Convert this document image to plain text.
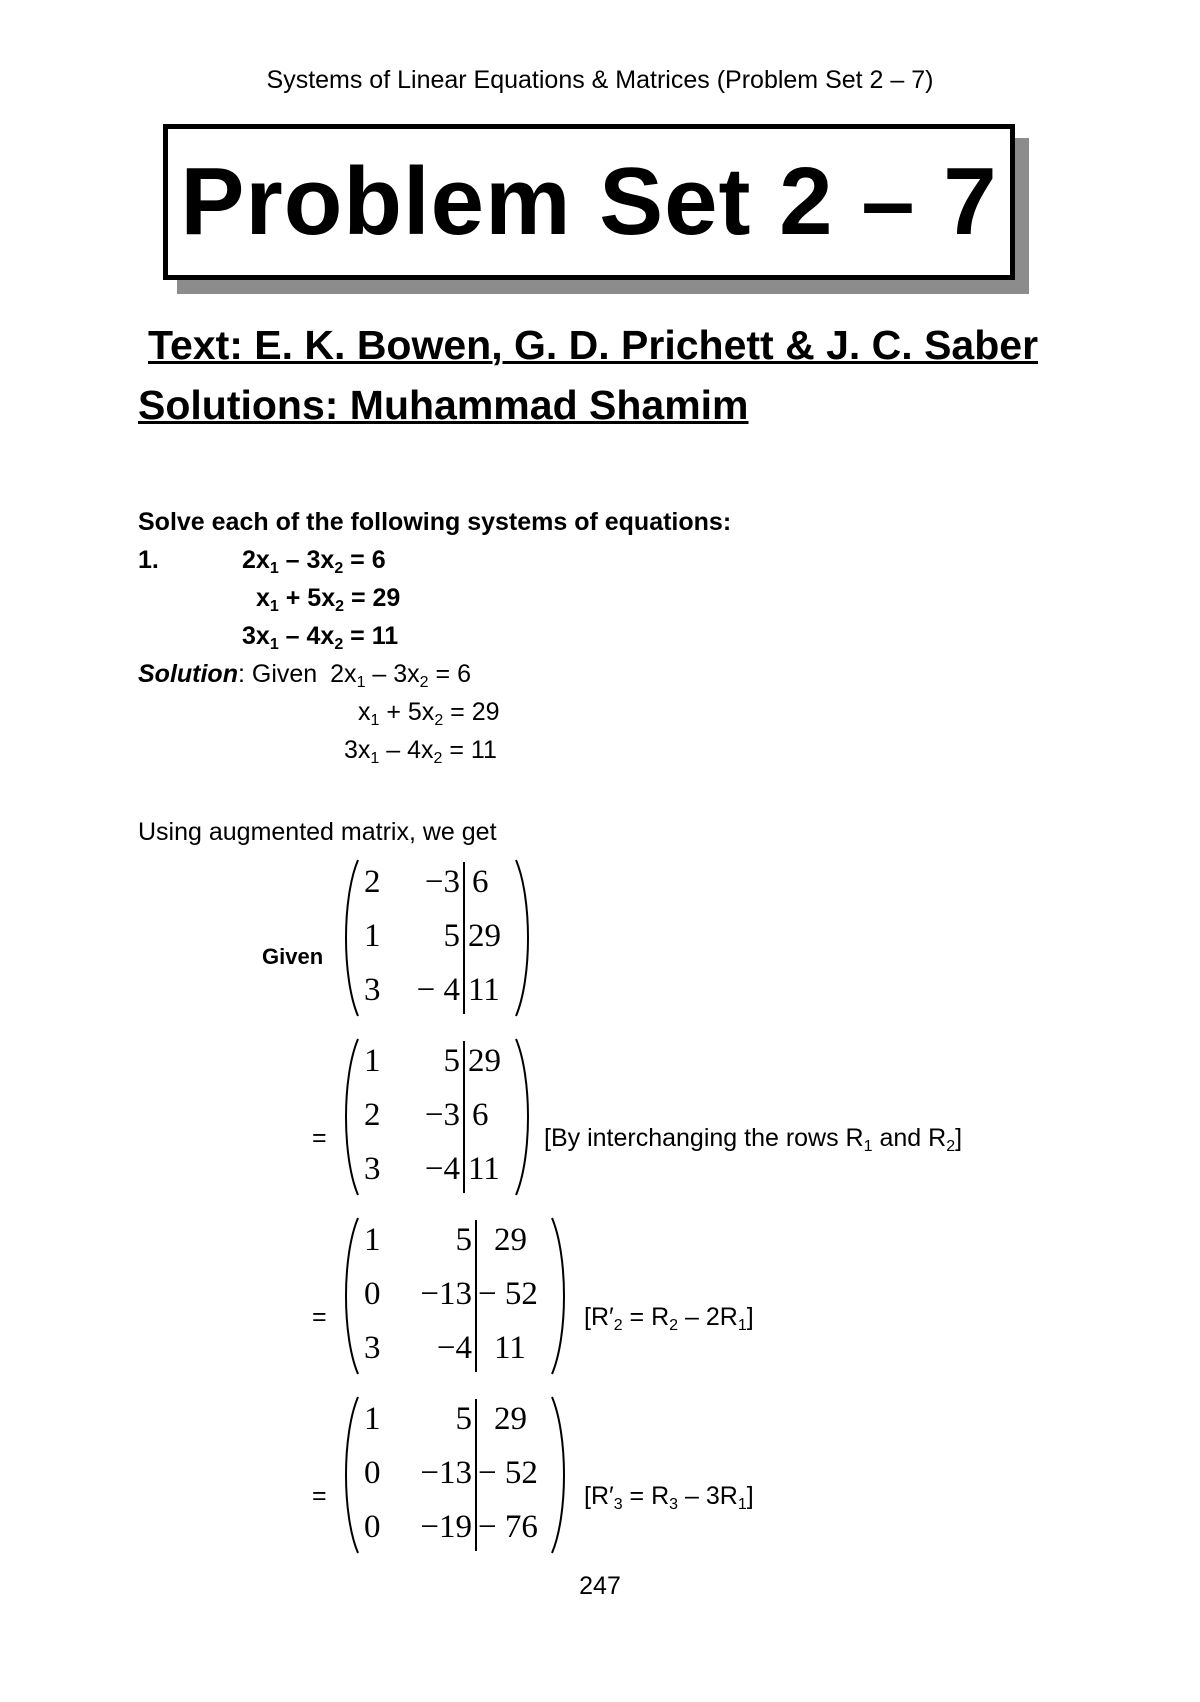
Systems of Linear Equations & Matrices (Problem Set 2 – 7)
Problem Set 2 – 7
Text: E. K. Bowen, G. D. Prichett & J. C. Saber
Solutions: Muhammad Shamim
Solve each of the following systems of equations:
1.	$2x_1 - 3x_2 = 6$
$x_1 + 5x_2 = 29$
$3x_1 - 4x_2 = 11$
Solution: Given $2x_1 - 3x_2 = 6$
$x_1 + 5x_2 = 29$
$3x_1 - 4x_2 = 11$
Using augmented matrix, we get
Given
2	−3 6
1	5 29
3	− 4 11
=
1	5 29
2	−3 6
3	−4 11
[By interchanging the rows $R_1$ and $R_2$]
=
1	5 29
0	−13 − 52
3	−4 11
$[R'_2 = R_2 - 2R_1]$
=
1	5 29
0	−13 − 52
0	−19 − 76
$[R'_3 = R_3 - 3R_1]$
247
